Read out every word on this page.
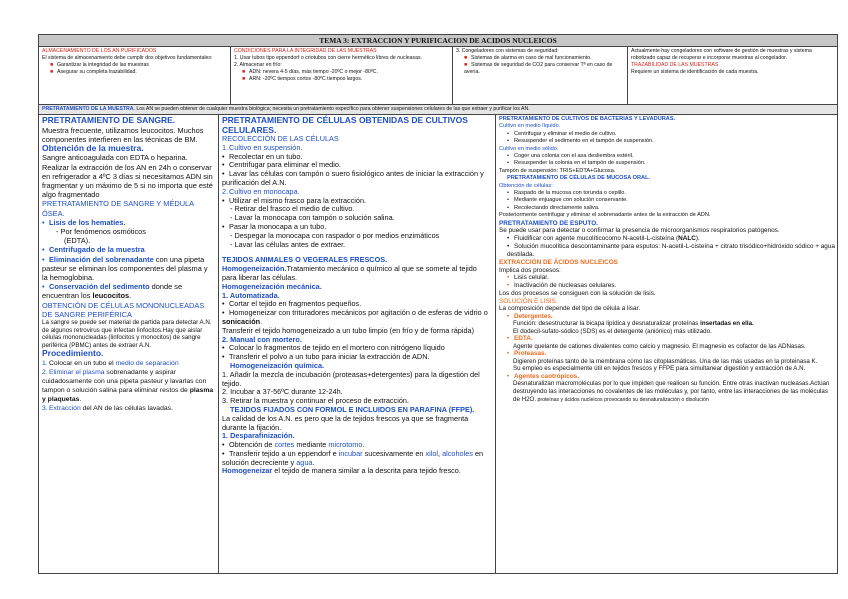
TEMA 3: EXTRACCION Y PURIFICACION DE ACIDOS NUCLEICOS

ALMACENAMIENTO DE LOS AN PURIFICADOS

El sistema de almacenamiento debe cumplir dos objetivos fundamentales:

■ Garantizar la integridad de las muestras

■ Asegurar su completa trazabilidad.

CONDICIONES PARA LA INTEGRIDAD DE LAS MUESTRAS

1. Usar tubos tipo eppendorf o criotubos con cierre hermético libres de nucleasas.

2. Almacenar en frío:

■ ADN: nevera 4-5 días, más tiempo -20ºC o mejor -80ºC.

■ ARN: -20ºC tiempos cortos -80ºC tiempos largos.

3. Congeladores con sistemas de seguridad:

■ Sistemas de alarma en caso de mal funcionamiento.

■ Sistemas de seguridad de CO2 para conservar Tª en caso de avería.

Actualmente hay congeladores con software de gestión de muestras y sistema robotizado capaz de recuperar e incorporar muestras al congelador.

TRAZABILIDAD DE LAS MUESTRAS

Requiere un sistema de identificación de cada muestra.

PRETRATAMIENTO DE LA MUESTRA. Los AN se pueden obtener de cualquier muestra biológica; necesita un pretratamiento específico para obtener suspensiones celulares de las que extraer y purificar los AN.

PRETRATAMIENTO DE SANGRE.

Muestra frecuente, utilizamos leucocitos. Muchos componentes interfieren en las técnicas de BM.

Obtención de la muestra.

Sangre anticoagulada con EDTA o heparina. Realizar la extracción de los AN en 24h o conservar en refrigerador a 4ºC 3 días si necesitamos ADN sin fragmentar y un máximo de 5 si no importa que esté algo fragmentado

PRETRATAMIENTO DE SANGRE Y MÉDULA ÓSEA.

• Lisis de los hematíes.

- Por fenómenos osmóticos

(EDTA).

• Centrifugado de la muestra

• Eliminación del sobrenadante con una pipeta pasteur se eliminan los componentes del plasma y la hemoglobina.

• Conservación del sedimento donde se encuentran los leucocitos.

OBTENCIÓN DE CÉLULAS MONONUCLEADAS DE SANGRE PERIFÉRICA

La sangre se puede ser material de partida para detectar A.N. de algunos retrovirus que infectan linfocitos.Hay que aislar células mononucleadas (linfocitos y monocitos) de sangre periférica (PBMC) antes de extraer A.N.

Procedimiento.

1.Colocar en un tubo el medio de separación

2.Eliminar el plasma sobrenadante y aspirar cuidadosamente con una pipeta pasteur y lavarlas con tampon o solución salina para eliminar restos de plasma y plaquetas.

3.Extracción del AN de las células lavadas.

PRETRATAMIENTO DE CÉLULAS OBTENIDAS DE CULTIVOS CELULARES.

RECOLECCIÓN DE LAS CÉLULAS

1.Cultivo en suspensión.

• Recolectar en un tubo.

• Centrifugar para eliminar el medio.

• Lavar las células con tampón o suero fisiológico antes de iniciar la extracción y purificación del A.N.

2.Cultivo en monocapa.

• Utilizar el mismo frasco para la extracción.

- Retirar del frasco el medio de cultivo.

- Lavar la monocapa con tampón o solución salina.

• Pasar la monocapa a un tubo.

- Despegar la monocapa con raspador o por medios enzimáticos

- Lavar las células antes de extraer.

TEJIDOS ANIMALES O VEGERALES FRESCOS.

Homogeneización.Tratamiento mecánico o químico al que se somete al tejido para liberar las células.

Homogeneización mecánica.

1. Automatizada.

• Cortar el tejido en fragmentos pequeños.

• Homogeneizar con trituradores mecánicos por agitación o de esferas de vidrio o sonicación.

Transferir el tejido homogeneizado a un tubo limpio (en frío y de forma rápida)

2. Manual con mortero.

• Colocar lo fragmentos de tejido en el mortero con nitrógeno líquido

• Transferir el polvo a un tubo para iniciar la extracción de ADN.

Homogeneización química.

1. Añadir la mezcla de incubación (proteasas+detergentes) para la digestión del tejido.

2. Incubar a 37-56ºC durante 12-24h.

3. Retirar la muestra y continuar el proceso de extracción.

TEJIDOS FIJADOS CON FORMOL E INCLUIDOS EN PARAFINA (FFPE).

La calidad de los A.N. es pero que la de tejidos frescos ya que se fragmenta durante la fijación.

1. Desparafinización.

• Obtención de cortes mediante microtomo.

• Transferir tejido a un eppendorf e incubar sucesivamente en xilol, alcoholes en solución decreciente y agua.

Homogeneizar el tejido de manera similar a la descrita para tejido fresco.

PRETRATAMIENTO DE CULTIVOS DE BACTERIAS Y LEVADURAS.

Cultivo en medio líquido.

• Centrifugar y eliminar el medio de cultivo.

• Resuspender el sedimento en el tampón de suspensión.

Cultivo en medio sólido.

• Coger una colonia con el asa desliembra estéril.

• Resuspender la colonia en el tampón de suspensión.

Tampón de suspensión: TRIS+EDTA+Glucosa.

PRETRATAMIENTO DE CÉLULAS DE MUCOSA ORAL.

Obtención de células:

• Raspado de la mucosa con torunda o cepillo.

• Mediante enjuague con solución conservante.

• Recolectando directamente saliva.

Posteriormente centrifugar y eliminar el sobrenadante antes de la extracción de ADN.

PRETRATAMIENTO DE ESPUTO.

Se puede usar para detectar o confirmar la presencia de microorganismos respiratorios patógenos.

• Fluidificar con agente mucolíticocomo N-acetil-L-cisteína (NALC).

• Solución mucolítica descontaminante para esputos: N-acetil-L-cisteína + citrato trisódico+hidróxido sódico + agua destilada.

EXTRACCIÓN DE ÁCIDOS NUCLEICOS

Implica dos procesos:

• Lisis celular.

• Inactivación de nucleasas celulares.

Los dos procesos se consiguen con la solución de lisis.

SOLUCIÓN E LISIS.

La composición depende del tipo de célula a lisar.

• Detergentes.

Función: desestructurar la bicapa lipídica y desnaturalizar proteínas insertadas en ella.

El dodecil-sufato-sódico (SDS) es el detergente (aniónico) más utilizado.

• EDTA.

Agente quelante de cationes divalentes como calcio y magnesio. El magnesio es cofactor de las ADNasas.

• Proteasas.

Digieren proteínas tanto de la membrana como las citoplasmáticas. Una de las más usadas en la proteinasa K.

Su empleo es especialmente útil en tejidos frescos y FFPE para simultanear digestión y extracción de A.N.

• Agentes caotrópicos.

Desnaturalizan macromoléculas por lo que impiden que realicen su función. Entre otras inactivan nucleasas.Actúan destruyendo las interacciones no covalentes de las moléculas y, por tanto, entre las interacciones de las moléculas de H2O. proteínas y ácidos nucleicos provocando su desnaturalización o disolución
